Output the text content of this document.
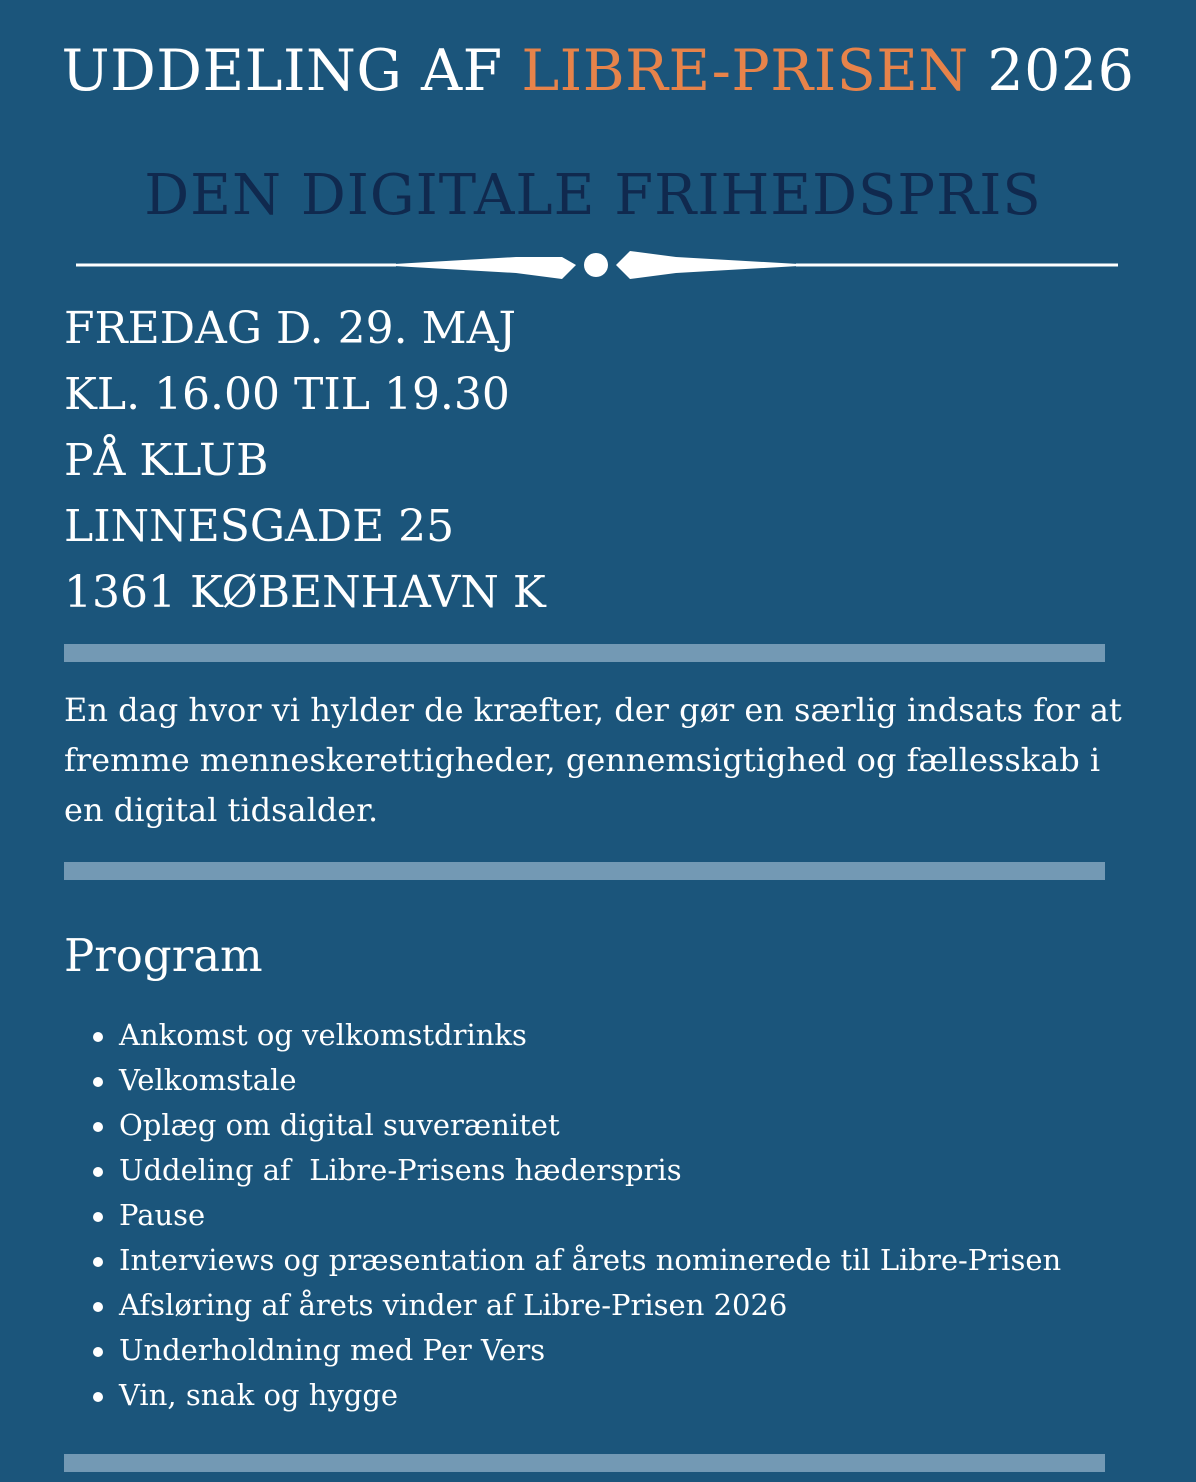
UDDELING AF LIBRE-PRISEN 2026
DEN DIGITALE FRIHEDSPRIS
FREDAG D. 29. MAJ
KL. 16.00 TIL 19.30
PÅ KLUB
LINNESGADE 25
1361 KØBENHAVN K

En dag hvor vi hylder de kræfter, der gør en særlig indsats for at fremme menneskerettigheder, gennemsigtighed og fællesskab i en digital tidsalder.

Program
Ankomst og velkomstdrinks
Velkomstale
Oplæg om digital suverænitet
Uddeling af  Libre-Prisens hæderspris
Pause
Interviews og præsentation af årets nominerede til Libre-Prisen
Afsløring af årets vinder af Libre-Prisen 2026
Underholdning med Per Vers
Vin, snak og hygge
